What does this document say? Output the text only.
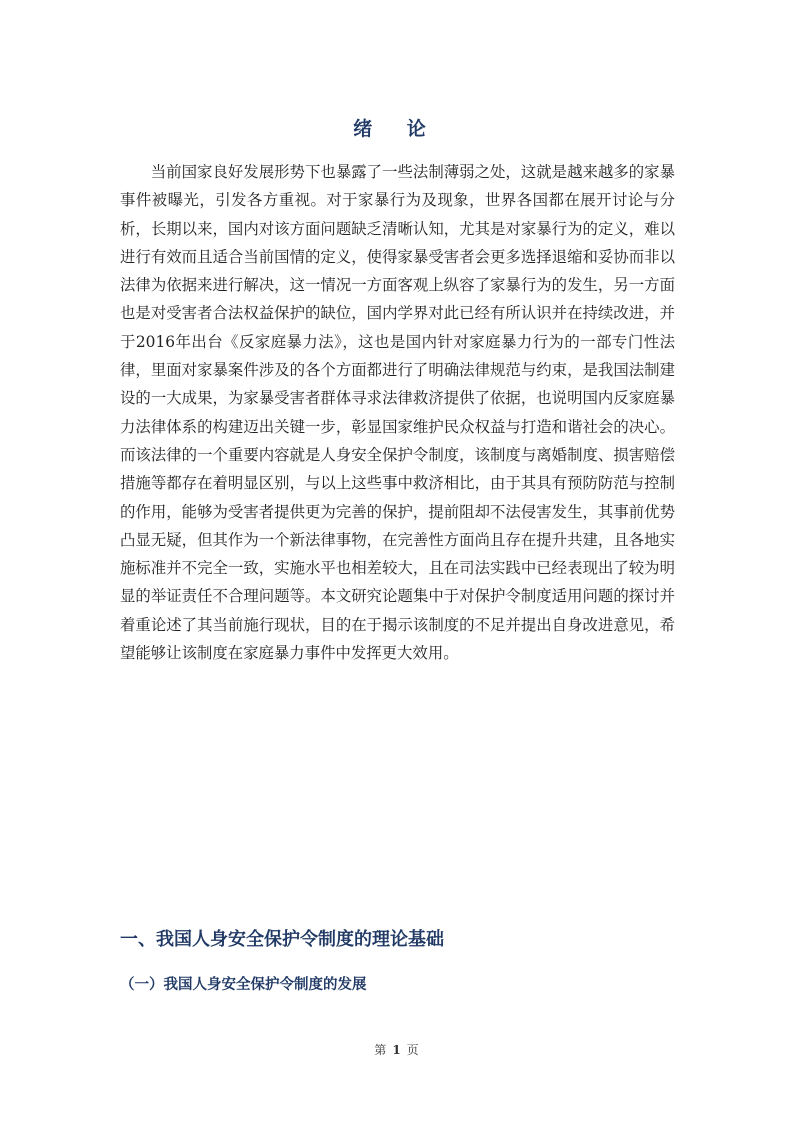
绪 论

当前国家良好发展形势下也暴露了一些法制薄弱之处，这就是越来越多的家暴事件被曝光，引发各方重视。对于家暴行为及现象，世界各国都在展开讨论与分析，长期以来，国内对该方面问题缺乏清晰认知，尤其是对家暴行为的定义，难以进行有效而且适合当前国情的定义，使得家暴受害者会更多选择退缩和妥协而非以法律为依据来进行解决，这一情况一方面客观上纵容了家暴行为的发生，另一方面也是对受害者合法权益保护的缺位，国内学界对此已经有所认识并在持续改进，并于2016年出台《反家庭暴力法》，这也是国内针对家庭暴力行为的一部专门性法律，里面对家暴案件涉及的各个方面都进行了明确法律规范与约束，是我国法制建设的一大成果，为家暴受害者群体寻求法律救济提供了依据，也说明国内反家庭暴力法律体系的构建迈出关键一步，彰显国家维护民众权益与打造和谐社会的决心。而该法律的一个重要内容就是人身安全保护令制度，该制度与离婚制度、损害赔偿措施等都存在着明显区别，与以上这些事中救济相比，由于其具有预防防范与控制的作用，能够为受害者提供更为完善的保护，提前阻却不法侵害发生，其事前优势凸显无疑，但其作为一个新法律事物，在完善性方面尚且存在提升共建，且各地实施标准并不完全一致，实施水平也相差较大，且在司法实践中已经表现出了较为明显的举证责任不合理问题等。本文研究论题集中于对保护令制度适用问题的探讨并着重论述了其当前施行现状，目的在于揭示该制度的不足并提出自身改进意见，希望能够让该制度在家庭暴力事件中发挥更大效用。

一、我国人身安全保护令制度的理论基础
（一）我国人身安全保护令制度的发展
第 1 页
